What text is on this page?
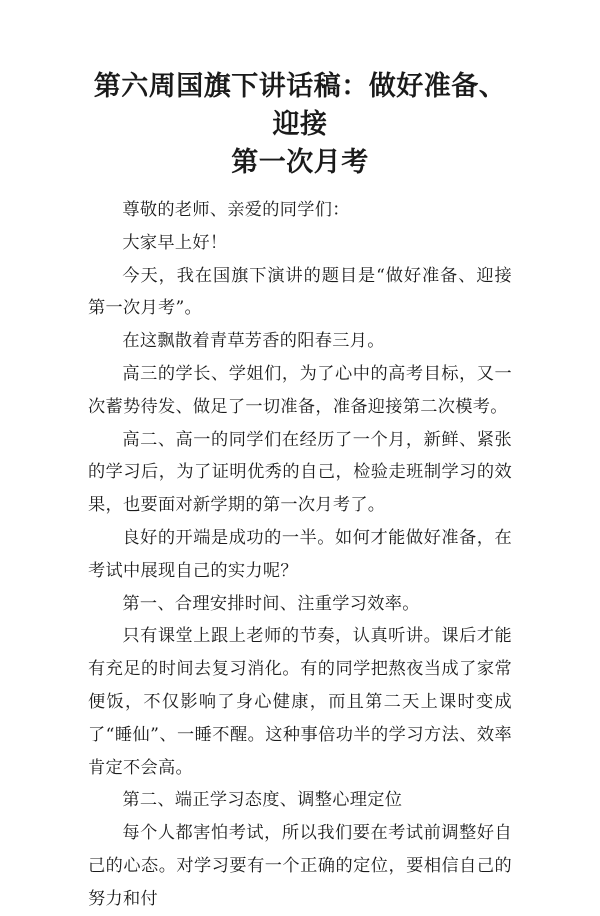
第六周国旗下讲话稿：做好准备、迎接
第一次月考

尊敬的老师、亲爱的同学们：

大家早上好！

今天，我在国旗下演讲的题目是“做好准备、迎接第一次月考”。

在这飘散着青草芳香的阳春三月。

高三的学长、学姐们，为了心中的高考目标，又一次蓄势待发、做足了一切准备，准备迎接第二次模考。

高二、高一的同学们在经历了一个月，新鲜、紧张的学习后，为了证明优秀的自己，检验走班制学习的效果，也要面对新学期的第一次月考了。

良好的开端是成功的一半。如何才能做好准备，在考试中展现自己的实力呢？

第一、合理安排时间、注重学习效率。

只有课堂上跟上老师的节奏，认真听讲。课后才能有充足的时间去复习消化。有的同学把熬夜当成了家常便饭，不仅影响了身心健康，而且第二天上课时变成了“睡仙”、一睡不醒。这种事倍功半的学习方法、效率肯定不会高。

第二、端正学习态度、调整心理定位

每个人都害怕考试，所以我们要在考试前调整好自己的心态。对学习要有一个正确的定位，要相信自己的努力和付
